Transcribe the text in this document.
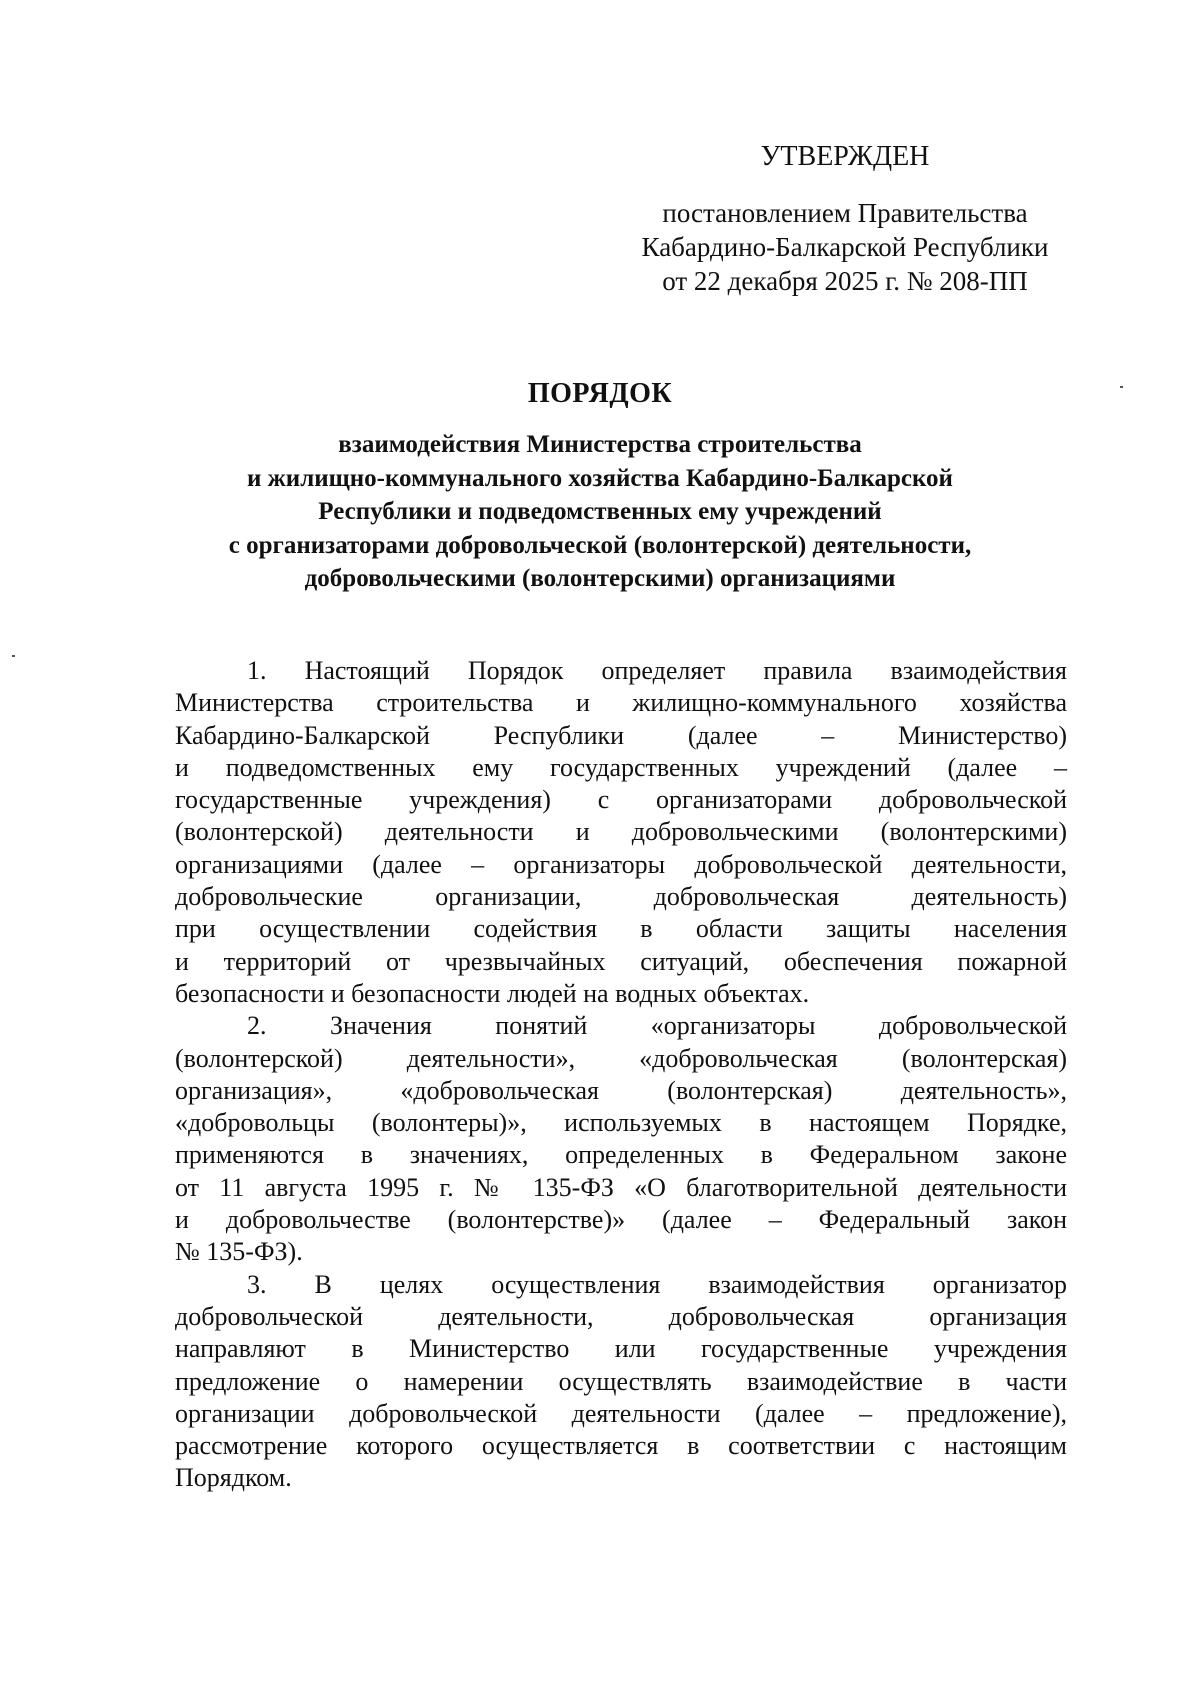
УТВЕРЖДЕН
постановлением Правительства
Кабардино-Балкарской Республики
от 22 декабря 2025 г. № 208-ПП
ПОРЯДОК
взаимодействия Министерства строительства
и жилищно-коммунального хозяйства Кабардино-Балкарской
Республики и подведомственных ему учреждений
с организаторами добровольческой (волонтерской) деятельности,
добровольческими (волонтерскими) организациями
1. Настоящий Порядок определяет правила взаимодействия
Министерства строительства и жилищно-коммунального хозяйства
Кабардино-Балкарской Республики (далее – Министерство)
и подведомственных ему государственных учреждений (далее –
государственные учреждения) с организаторами добровольческой
(волонтерской) деятельности и добровольческими (волонтерскими)
организациями (далее – организаторы добровольческой деятельности,
добровольческие организации, добровольческая деятельность)
при осуществлении содействия в области защиты населения
и территорий от чрезвычайных ситуаций, обеспечения пожарной
безопасности и безопасности людей на водных объектах.
2. Значения понятий «организаторы добровольческой
(волонтерской) деятельности», «добровольческая (волонтерская)
организация», «добровольческая (волонтерская) деятельность»,
«добровольцы (волонтеры)», используемых в настоящем Порядке,
применяются в значениях, определенных в Федеральном законе
от 11 августа 1995 г. № 135-ФЗ «О благотворительной деятельности
и добровольчестве (волонтерстве)» (далее – Федеральный закон
№ 135-ФЗ).
3. В целях осуществления взаимодействия организатор
добровольческой деятельности, добровольческая организация
направляют в Министерство или государственные учреждения
предложение о намерении осуществлять взаимодействие в части
организации добровольческой деятельности (далее – предложение),
рассмотрение которого осуществляется в соответствии с настоящим
Порядком.
